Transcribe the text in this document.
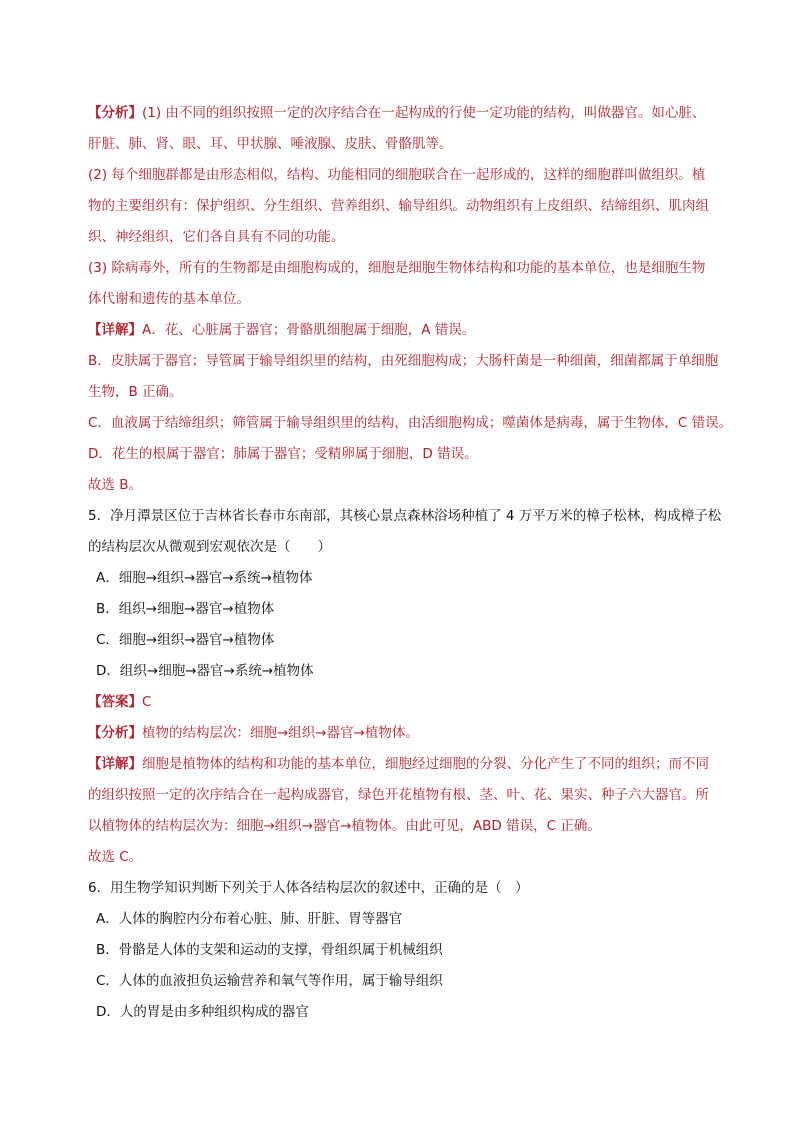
【分析】(1) 由不同的组织按照一定的次序结合在一起构成的行使一定功能的结构，叫做器官。如心脏、
肝脏、肺、肾、眼、耳、甲状腺、唾液腺、皮肤、骨骼肌等。
(2) 每个细胞群都是由形态相似，结构、功能相同的细胞联合在一起形成的，这样的细胞群叫做组织。植
物的主要组织有：保护组织、分生组织、营养组织、输导组织。动物组织有上皮组织、结缔组织、肌肉组
织、神经组织，它们各自具有不同的功能。
(3) 除病毒外，所有的生物都是由细胞构成的，细胞是细胞生物体结构和功能的基本单位，也是细胞生物
体代谢和遗传的基本单位。
【详解】A．花、心脏属于器官；骨骼肌细胞属于细胞，A 错误。
B．皮肤属于器官；导管属于输导组织里的结构，由死细胞构成；大肠杆菌是一种细菌，细菌都属于单细胞
生物，B 正确。
C．血液属于结缔组织；筛管属于输导组织里的结构，由活细胞构成；噬菌体是病毒，属于生物体，C 错误。
D．花生的根属于器官；肺属于器官；受精卵属于细胞，D 错误。
故选 B。
5．净月潭景区位于吉林省长春市东南部，其核心景点森林浴场种植了 4 万平万米的樟子松林，构成樟子松
的结构层次从微观到宏观依次是（　　）
A．细胞→组织→器官→系统→植物体
B．组织→细胞→器官→植物体
C．细胞→组织→器官→植物体
D．组织→细胞→器官→系统→植物体
【答案】C
【分析】植物的结构层次：细胞→组织→器官→植物体。
【详解】细胞是植物体的结构和功能的基本单位，细胞经过细胞的分裂、分化产生了不同的组织；而不同
的组织按照一定的次序结合在一起构成器官，绿色开花植物有根、茎、叶、花、果实、种子六大器官。所
以植物体的结构层次为：细胞→组织→器官→植物体。由此可见，ABD 错误，C 正确。
故选 C。
6．用生物学知识判断下列关于人体各结构层次的叙述中，正确的是（　）
A．人体的胸腔内分布着心脏、肺、肝脏、胃等器官
B．骨骼是人体的支架和运动的支撑，骨组织属于机械组织
C．人体的血液担负运输营养和氧气等作用，属于输导组织
D．人的胃是由多种组织构成的器官
